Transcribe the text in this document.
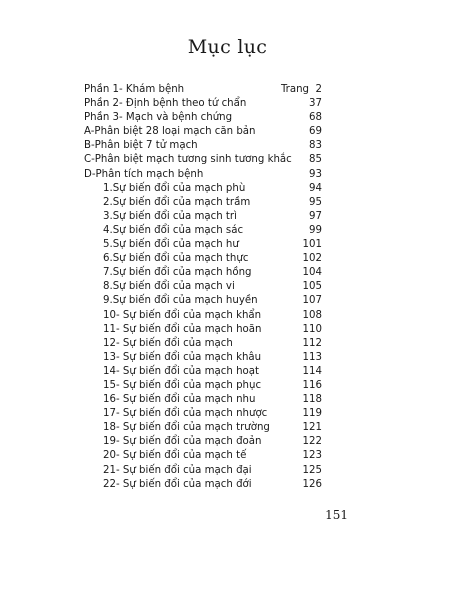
Mục lục
Phần 1- Khám bệnh	Trang 2
Phần 2- Định bệnh theo tứ chẩn	37
Phần 3- Mạch và bệnh chứng	68
A-Phân biệt 28 loại mạch căn bản	69
B-Phân biệt 7 tử mạch	83
C-Phân biệt mạch tương sinh tương khắc 85
D-Phân tích mạch bệnh	93
1.Sự biến đổi của mạch phù	94
2.Sự biến đổi của mạch trầm	95
3.Sự biến đổi của mạch trì	97
4.Sự biến đổi của mạch sác	99
5.Sự biến đổi của mạch hư	101
6.Sự biến đổi của mạch thực	102
7.Sự biến đổi của mạch hồng	104
8.Sự biến đổi của mạch vi	105
9.Sự biến đổi của mạch huyền	107
10- Sự biến đổi của mạch khẩn	108
11- Sự biến đổi của mạch hoãn	110
12- Sự biến đổi của mạch	112
13- Sự biến đổi của mạch khâu	113
14- Sự biến đổi của mạch hoạt	114
15- Sự biến đổi của mạch phục	116
16- Sự biến đổi của mạch nhu	118
17- Sự biến đổi của mạch nhược	119
18- Sự biến đổi của mạch trường	121
19- Sự biến đổi của mạch đoản	122
20- Sự biến đổi của mạch tế	123
21- Sự biến đổi của mạch đại	125
22- Sự biến đổi của mạch đới	126
151
